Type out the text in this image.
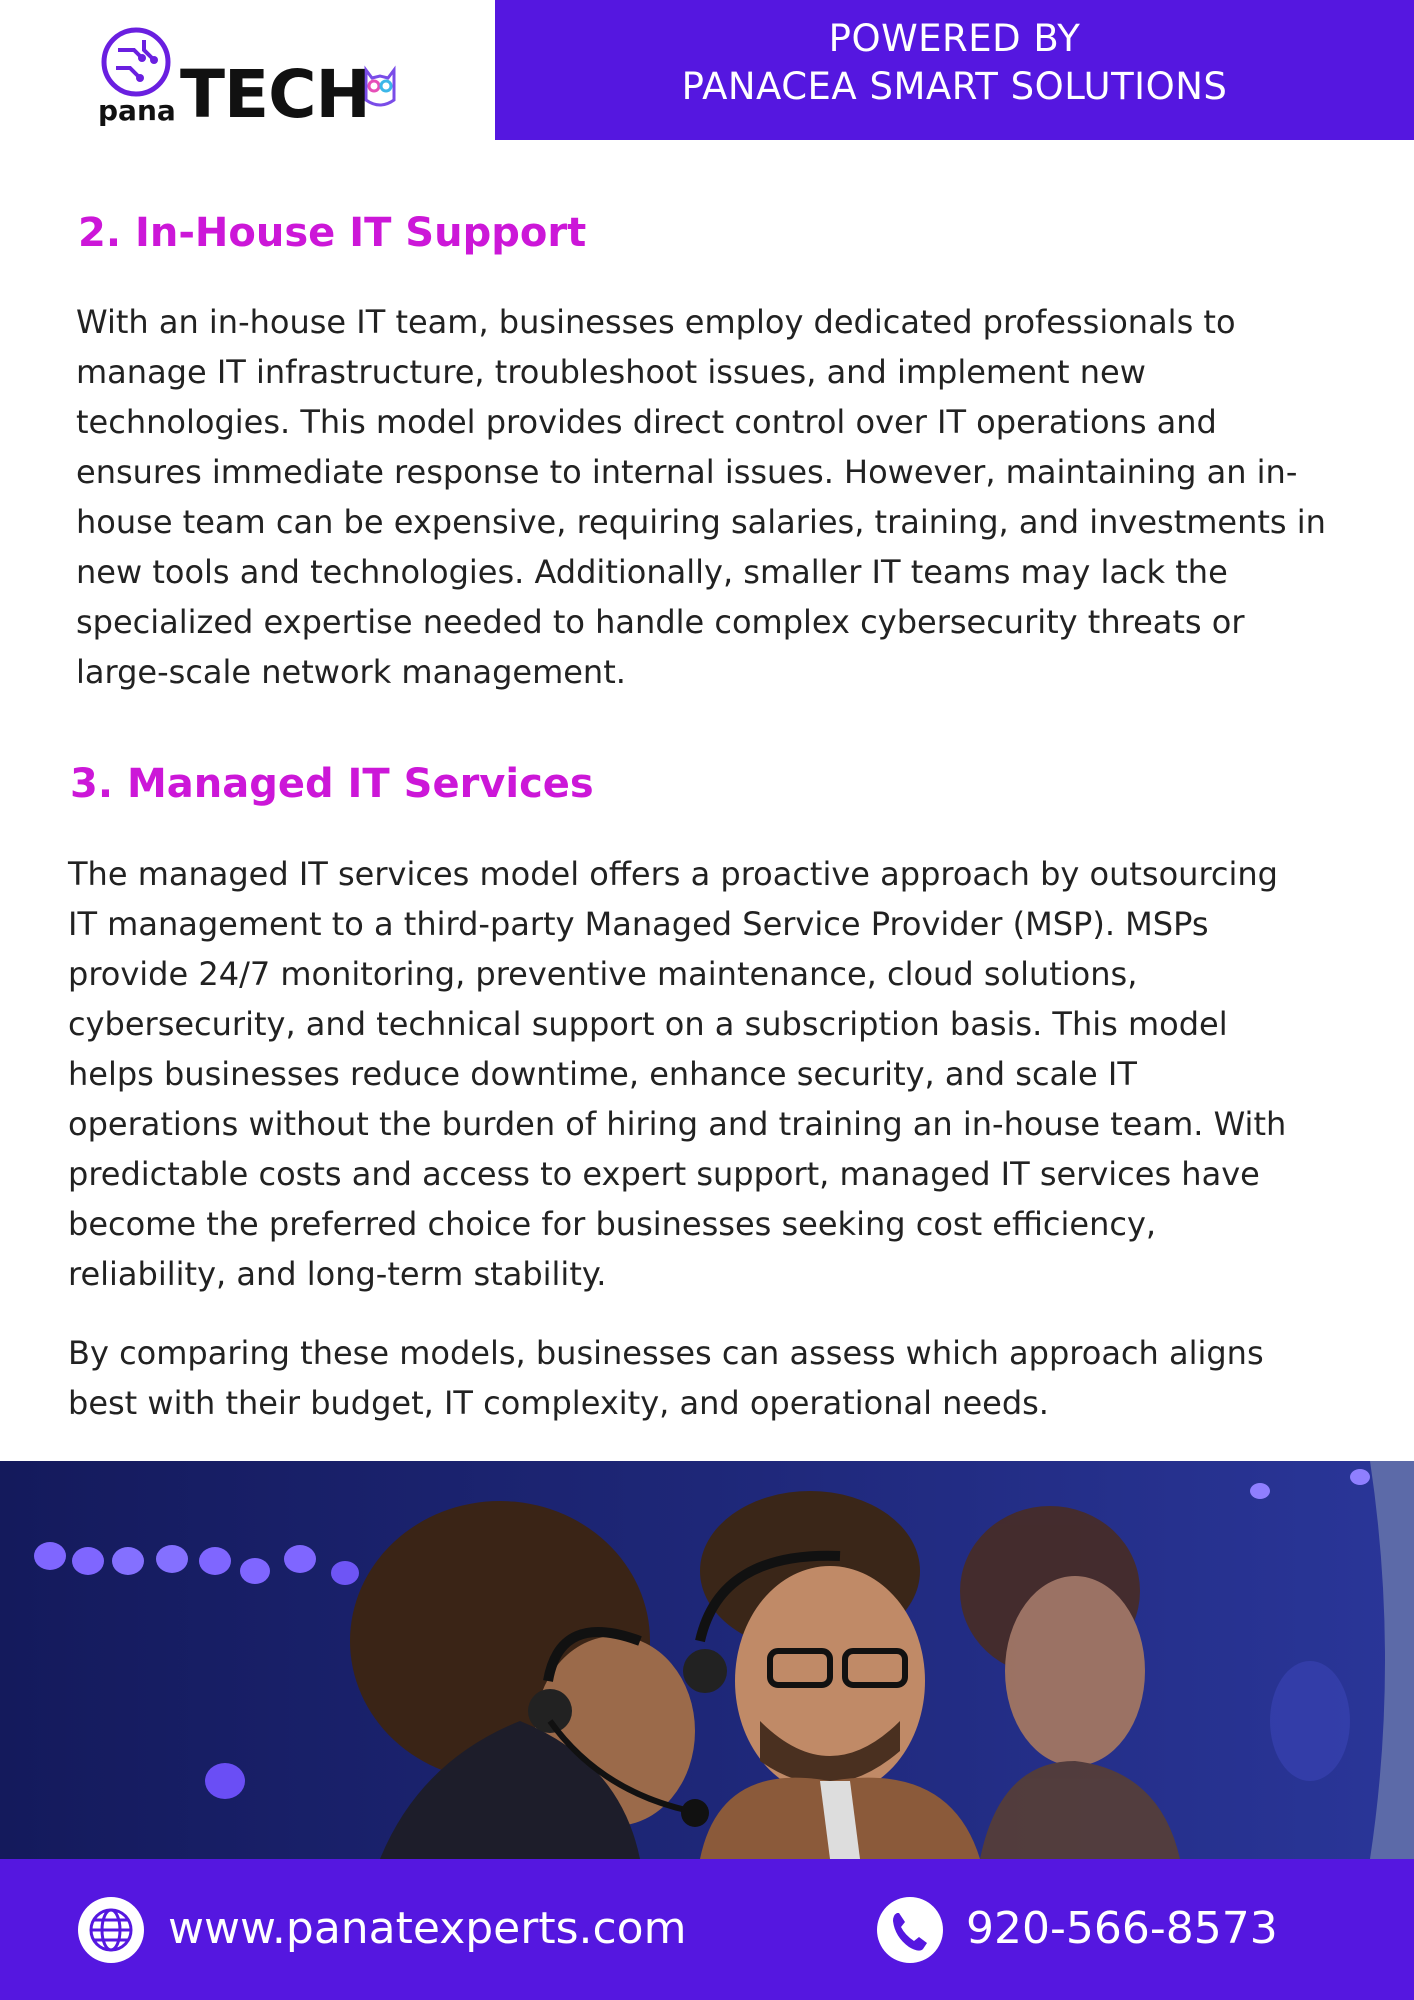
pana TECH
POWERED BY
PANACEA SMART SOLUTIONS
2. In-House IT Support
With an in-house IT team, businesses employ dedicated professionals to
manage IT infrastructure, troubleshoot issues, and implement new
technologies. This model provides direct control over IT operations and
ensures immediate response to internal issues. However, maintaining an in-
house team can be expensive, requiring salaries, training, and investments in
new tools and technologies. Additionally, smaller IT teams may lack the
specialized expertise needed to handle complex cybersecurity threats or
large-scale network management.
3. Managed IT Services
The managed IT services model offers a proactive approach by outsourcing
IT management to a third-party Managed Service Provider (MSP). MSPs
provide 24/7 monitoring, preventive maintenance, cloud solutions,
cybersecurity, and technical support on a subscription basis. This model
helps businesses reduce downtime, enhance security, and scale IT
operations without the burden of hiring and training an in-house team. With
predictable costs and access to expert support, managed IT services have
become the preferred choice for businesses seeking cost efficiency,
reliability, and long-term stability.
By comparing these models, businesses can assess which approach aligns
best with their budget, IT complexity, and operational needs.
www.panatexperts.com	920-566-8573
